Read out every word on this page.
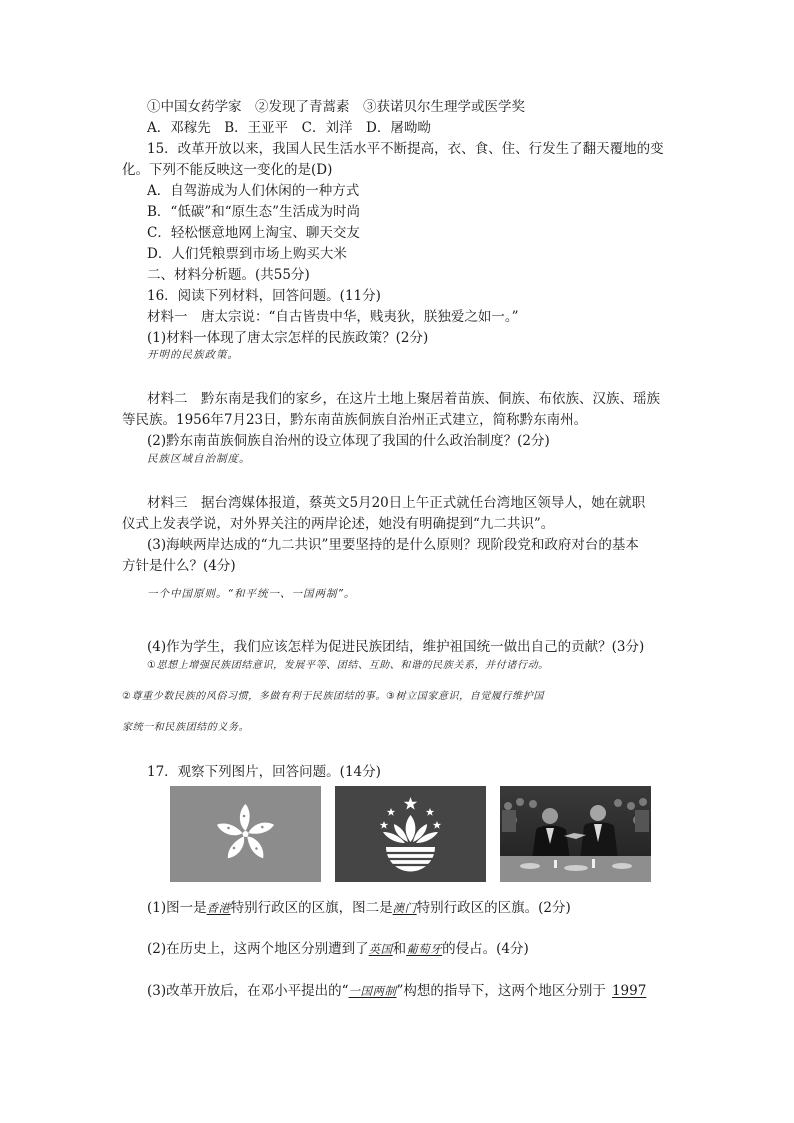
①中国女药学家　②发现了青蒿素　③获诺贝尔生理学或医学奖
A．邓稼先　B．王亚平　C．刘洋　D．屠呦呦
15．改革开放以来，我国人民生活水平不断提高，衣、食、住、行发生了翻天覆地的变
化。下列不能反映这一变化的是(D)
A．自驾游成为人们休闲的一种方式
B．“低碳”和“原生态”生活成为时尚
C．轻松惬意地网上淘宝、聊天交友
D．人们凭粮票到市场上购买大米
二、材料分析题。(共55分)
16．阅读下列材料，回答问题。(11分)
材料一　唐太宗说：“自古皆贵中华，贱夷狄，朕独爱之如一。”
(1)材料一体现了唐太宗怎样的民族政策？(2分)
开明的民族政策。
材料二　黔东南是我们的家乡，在这片土地上聚居着苗族、侗族、布依族、汉族、瑶族
等民族。1956年7月23日，黔东南苗族侗族自治州正式建立，简称黔东南州。
(2)黔东南苗族侗族自治州的设立体现了我国的什么政治制度？(2分)
民族区域自治制度。
材料三　据台湾媒体报道，蔡英文5月20日上午正式就任台湾地区领导人，她在就职
仪式上发表学说，对外界关注的两岸论述，她没有明确提到“九二共识”。
(3)海峡两岸达成的“九二共识”里要坚持的是什么原则？现阶段党和政府对台的基本
方针是什么？(4分)
一个中国原则。“和平统一、一国两制”。
(4)作为学生，我们应该怎样为促进民族团结，维护祖国统一做出自己的贡献？(3分)
①思想上增强民族团结意识，发展平等、团结、互助、和谐的民族关系，并付诸行动。
②尊重少数民族的风俗习惯，多做有利于民族团结的事。③树立国家意识，自觉履行维护国
家统一和民族团结的义务。
17．观察下列图片，回答问题。(14分)
(1)图一是香港特别行政区的区旗，图二是澳门特别行政区的区旗。(2分)
(2)在历史上，这两个地区分别遭到了英国和葡萄牙的侵占。(4分)
(3)改革开放后，在邓小平提出的“一国两制”构想的指导下，这两个地区分别于 1997
